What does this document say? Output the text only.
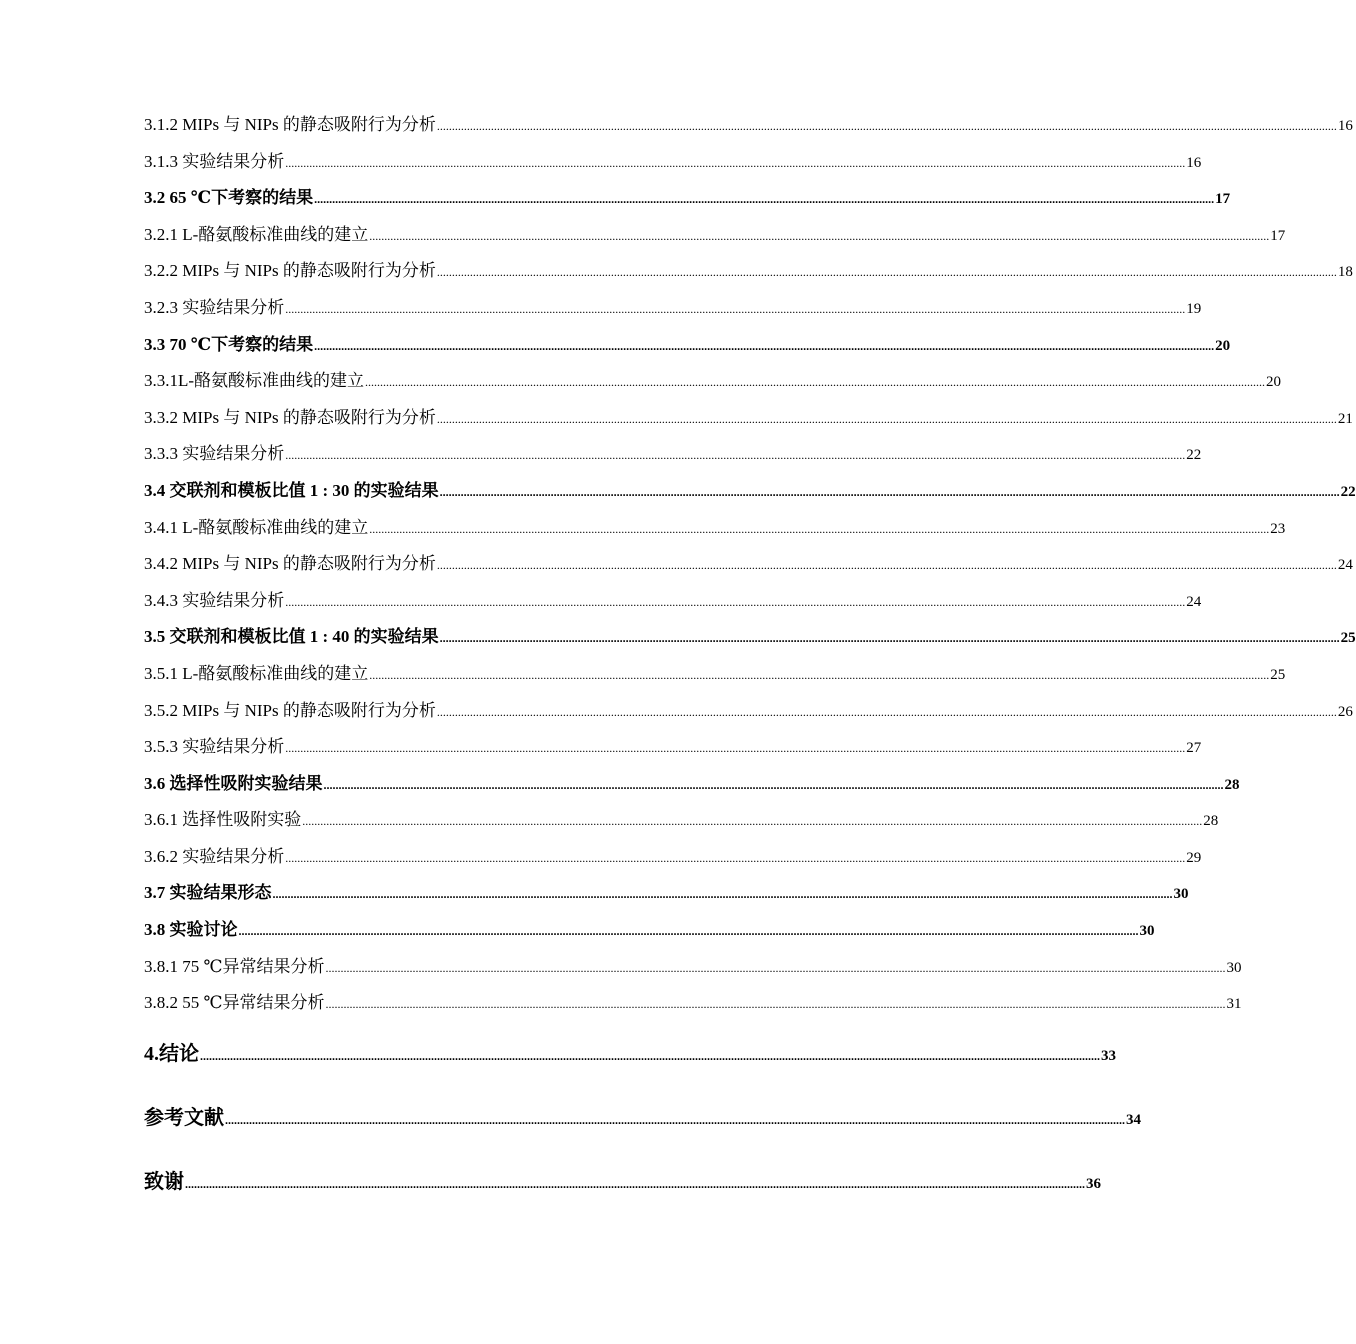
3.1.2 MIPs 与 NIPs 的静态吸附行为分析 ............................................................................................................................................................................................................................................................................................................ 16
3.1.3 实验结果分析 ............................................................................................................................................................................................................................................................................................................ 16
3.2 65 ℃下考察的结果 ............................................................................................................................................................................................................................................................................................................ 17
3.2.1 L-酪氨酸标准曲线的建立 ............................................................................................................................................................................................................................................................................................................ 17
3.2.2 MIPs 与 NIPs 的静态吸附行为分析 ............................................................................................................................................................................................................................................................................................................ 18
3.2.3 实验结果分析 ............................................................................................................................................................................................................................................................................................................ 19
3.3 70 ℃下考察的结果 ............................................................................................................................................................................................................................................................................................................ 20
3.3.1L-酪氨酸标准曲线的建立 ............................................................................................................................................................................................................................................................................................................ 20
3.3.2 MIPs 与 NIPs 的静态吸附行为分析 ............................................................................................................................................................................................................................................................................................................ 21
3.3.3 实验结果分析 ............................................................................................................................................................................................................................................................................................................ 22
3.4 交联剂和模板比值 1 : 30 的实验结果 ............................................................................................................................................................................................................................................................................................................ 22
3.4.1 L-酪氨酸标准曲线的建立 ............................................................................................................................................................................................................................................................................................................ 23
3.4.2 MIPs 与 NIPs 的静态吸附行为分析 ............................................................................................................................................................................................................................................................................................................ 24
3.4.3 实验结果分析 ............................................................................................................................................................................................................................................................................................................ 24
3.5 交联剂和模板比值 1 : 40 的实验结果 ............................................................................................................................................................................................................................................................................................................ 25
3.5.1 L-酪氨酸标准曲线的建立 ............................................................................................................................................................................................................................................................................................................ 25
3.5.2 MIPs 与 NIPs 的静态吸附行为分析 ............................................................................................................................................................................................................................................................................................................ 26
3.5.3 实验结果分析 ............................................................................................................................................................................................................................................................................................................ 27
3.6 选择性吸附实验结果 ............................................................................................................................................................................................................................................................................................................ 28
3.6.1 选择性吸附实验 ............................................................................................................................................................................................................................................................................................................ 28
3.6.2 实验结果分析 ............................................................................................................................................................................................................................................................................................................ 29
3.7 实验结果形态 ............................................................................................................................................................................................................................................................................................................ 30
3.8 实验讨论 ............................................................................................................................................................................................................................................................................................................ 30
3.8.1 75 ℃异常结果分析 ............................................................................................................................................................................................................................................................................................................ 30
3.8.2 55 ℃异常结果分析 ............................................................................................................................................................................................................................................................................................................ 31
4.结论 ............................................................................................................................................................................................................................................................................................................ 33
参考文献 ............................................................................................................................................................................................................................................................................................................ 34
致谢 ............................................................................................................................................................................................................................................................................................................ 36
